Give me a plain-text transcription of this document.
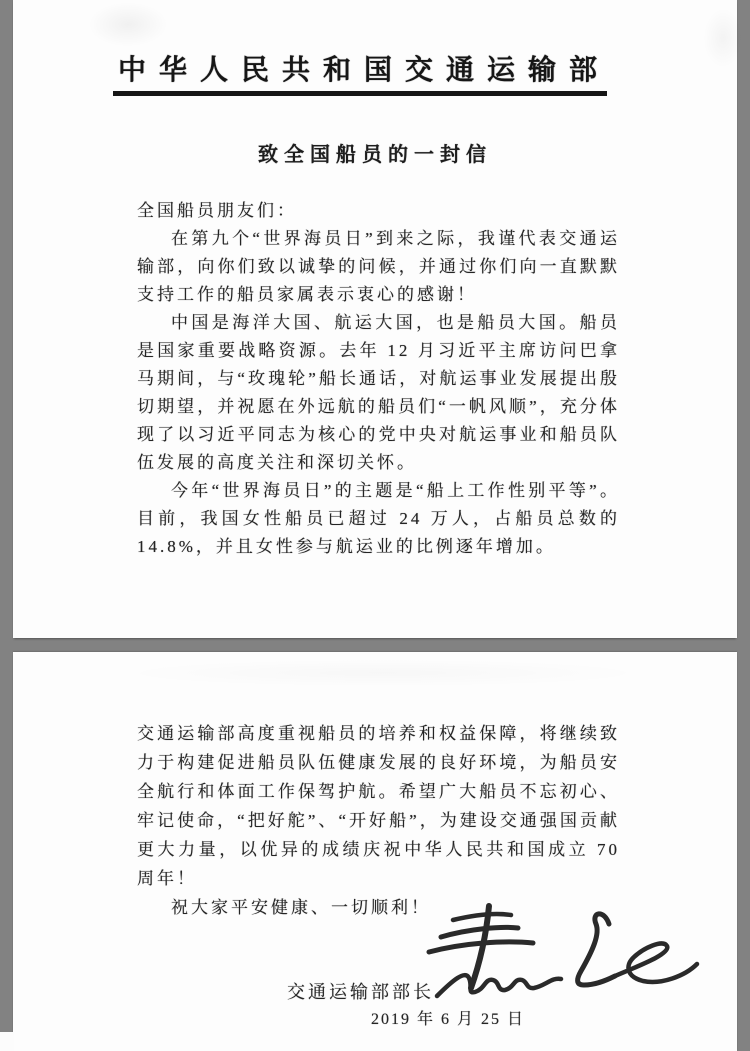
中华人民共和国交通运输部
致全国船员的一封信

全国船员朋友们：

在第九个“世界海员日”到来之际，我谨代表交通运输部，向你们致以诚挚的问候，并通过你们向一直默默支持工作的船员家属表示衷心的感谢！

中国是海洋大国、航运大国，也是船员大国。船员是国家重要战略资源。去年 12 月习近平主席访问巴拿马期间，与“玫瑰轮”船长通话，对航运事业发展提出殷切期望，并祝愿在外远航的船员们“一帆风顺”，充分体现了以习近平同志为核心的党中央对航运事业和船员队伍发展的高度关注和深切关怀。

今年“世界海员日”的主题是“船上工作性别平等”。目前，我国女性船员已超过 24 万人，占船员总数的 14.8%，并且女性参与航运业的比例逐年增加。

交通运输部高度重视船员的培养和权益保障，将继续致力于构建促进船员队伍健康发展的良好环境，为船员安全航行和体面工作保驾护航。希望广大船员不忘初心、牢记使命，“把好舵”、“开好船”，为建设交通强国贡献更大力量，以优异的成绩庆祝中华人民共和国成立 70 周年！

祝大家平安健康、一切顺利！

交通运输部部长
2019 年 6 月 25 日
